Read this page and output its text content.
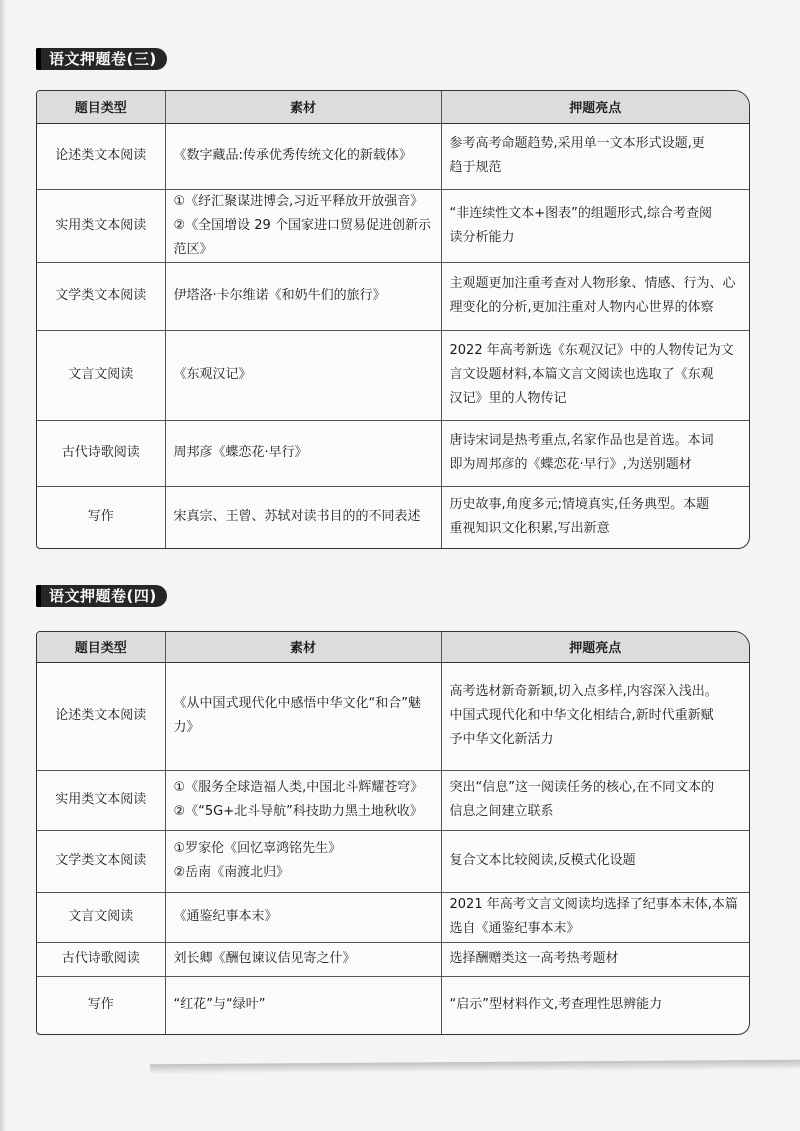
语文押题卷(三)
题目类型	素材	押题亮点
论述类文本阅读	《数字藏品:传承优秀传统文化的新载体》	参考高考命题趋势,采用单一文本形式设题,更
趋于规范

实用类文本阅读	①《纾汇聚谋进博会,习近平释放开放强音》
②《全国增设 29 个国家进口贸易促进创新示范区》	“非连续性文本+图表”的组题形式,综合考查阅
读分析能力

文学类文本阅读	伊塔洛·卡尔维诺《和奶牛们的旅行》	主观题更加注重考查对人物形象、情感、行为、心
理变化的分析,更加注重对人物内心世界的体察

文言文阅读	《东观汉记》	2022 年高考新选《东观汉记》中的人物传记为文
言文设题材料,本篇文言文阅读也选取了《东观
汉记》里的人物传记

古代诗歌阅读	周邦彦《蝶恋花·早行》	唐诗宋词是热考重点,名家作品也是首选。本词
即为周邦彦的《蝶恋花·早行》,为送别题材

写作	宋真宗、王曾、苏轼对读书目的的不同表述	历史故事,角度多元;情境真实,任务典型。本题
重视知识文化积累,写出新意
语文押题卷(四)
题目类型	素材	押题亮点
论述类文本阅读	《从中国式现代化中感悟中华文化“和合”魅力》	高考选材新奇新颖,切入点多样,内容深入浅出。
中国式现代化和中华文化相结合,新时代重新赋
予中华文化新活力

实用类文本阅读	①《服务全球造福人类,中国北斗辉耀苍穹》
②《“5G+北斗导航”科技助力黑土地秋收》	突出“信息”这一阅读任务的核心,在不同文本的
信息之间建立联系

文学类文本阅读	①罗家伦《回忆辜鸿铭先生》
②岳南《南渡北归》	复合文本比较阅读,反模式化设题

文言文阅读	《通鉴纪事本末》	2021 年高考文言文阅读均选择了纪事本末体,本篇
选自《通鉴纪事本末》

古代诗歌阅读	刘长卿《酬包谏议佶见寄之什》	选择酬赠类这一高考热考题材

写作	“红花”与“绿叶”	“启示”型材料作文,考查理性思辨能力
